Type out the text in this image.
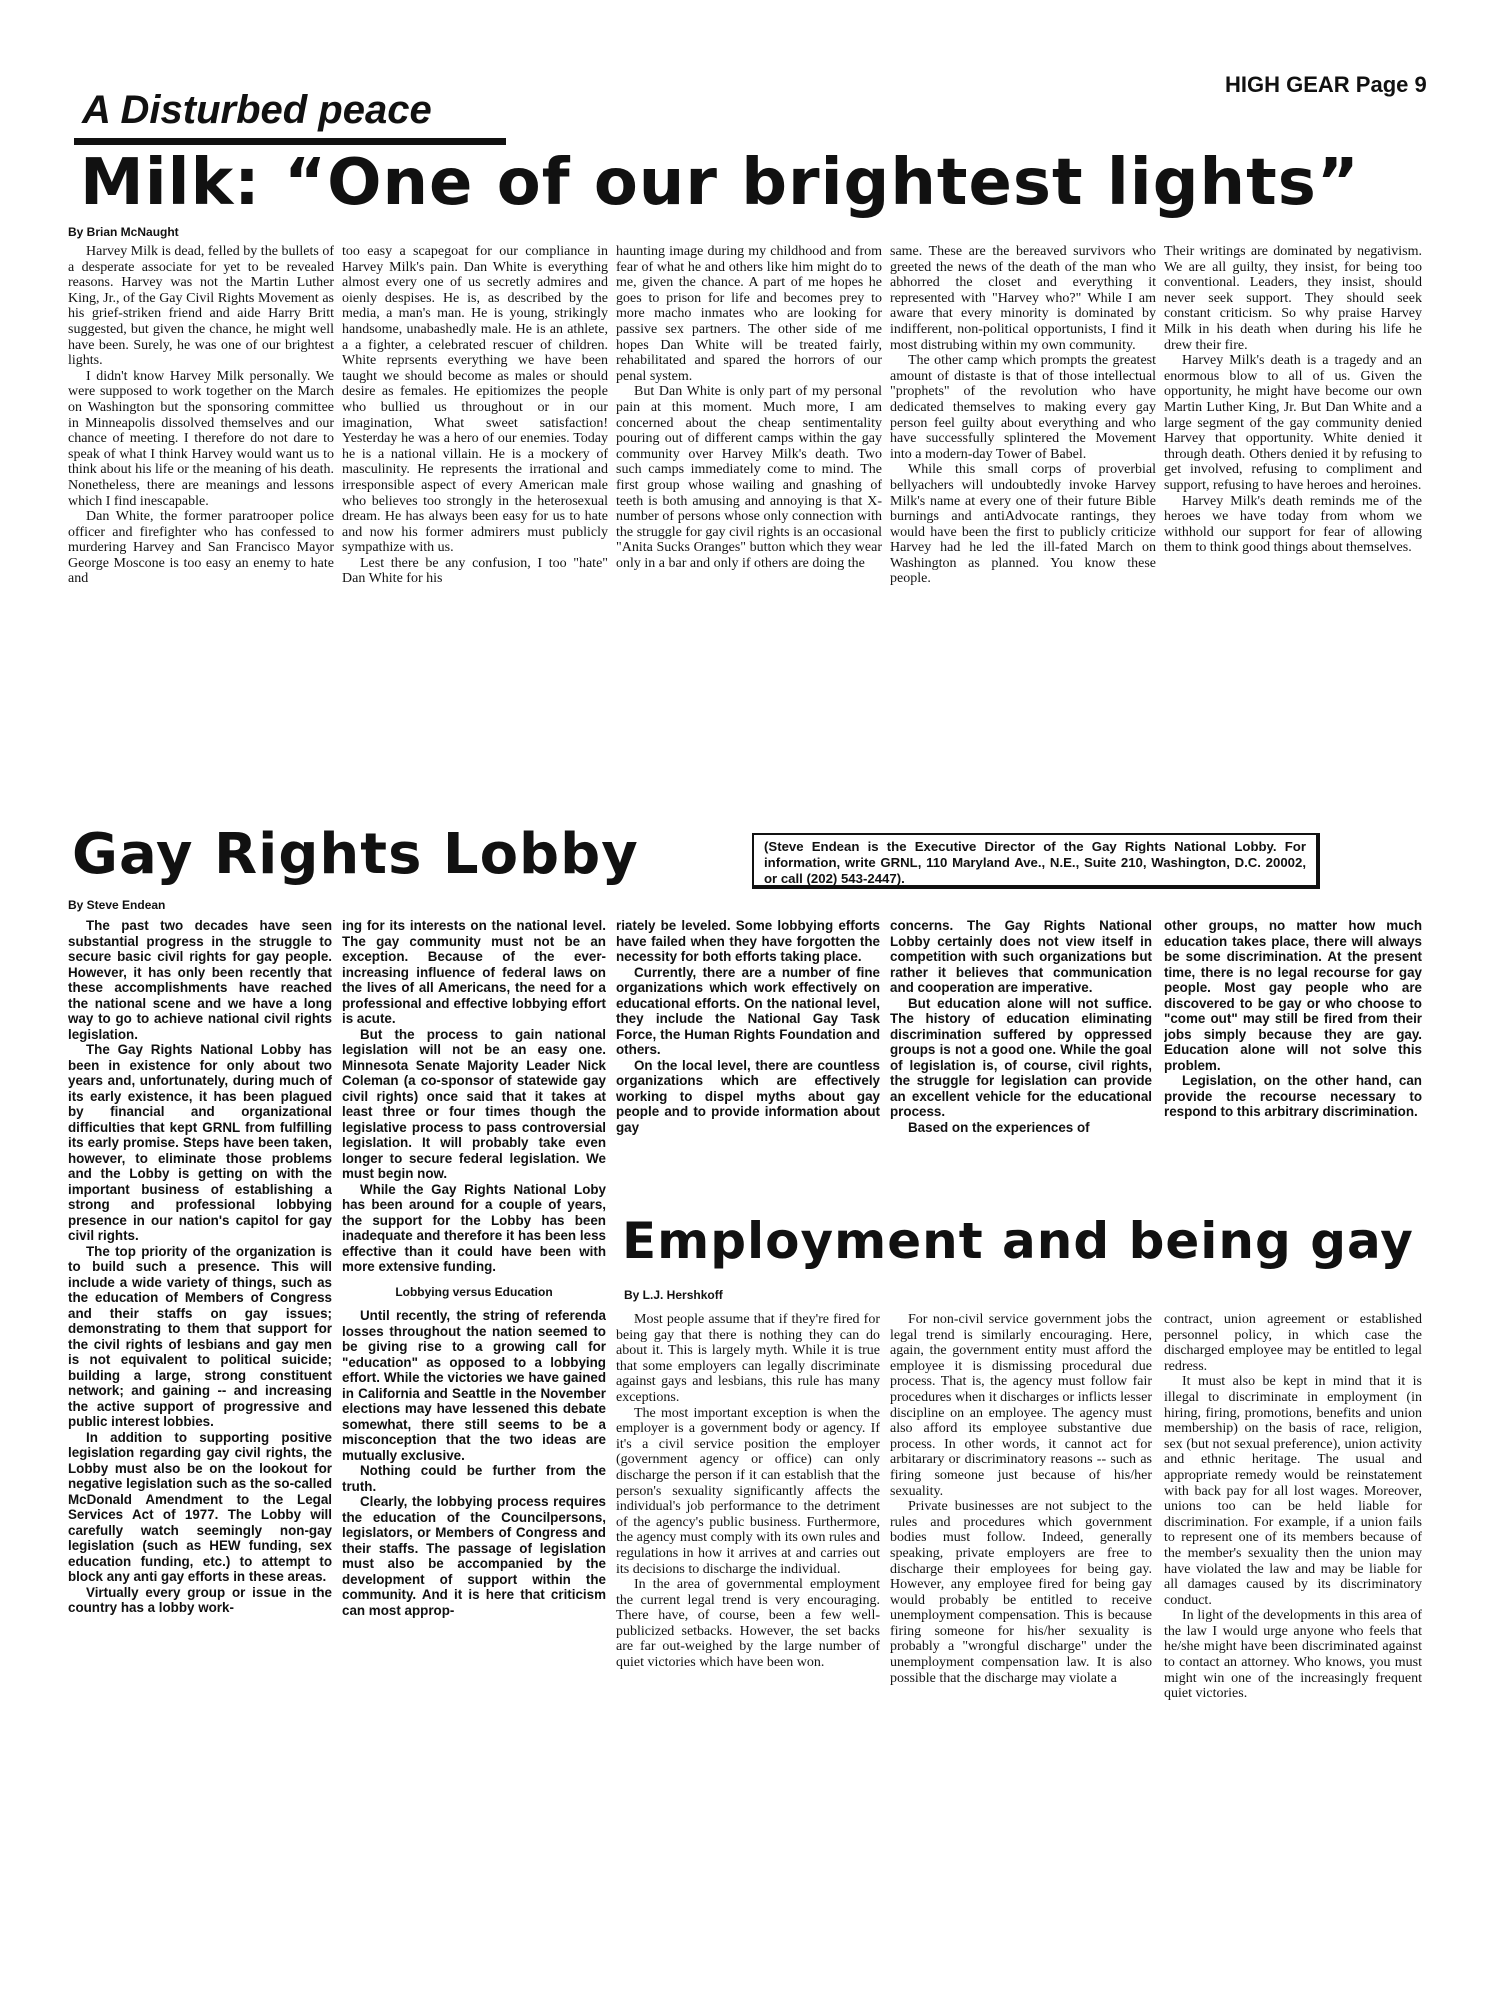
HIGH GEAR Page 9
A Disturbed peace
Milk: “One of our brightest lights”
By Brian McNaught

Harvey Milk is dead, felled by the bullets of a desperate associate for yet to be revealed reasons. Harvey was not the Martin Luther King, Jr., of the Gay Civil Rights Movement as his grief-striken friend and aide Harry Britt suggested, but given the chance, he might well have been. Surely, he was one of our brightest lights.

I didn't know Harvey Milk personally. We were supposed to work together on the March on Washington but the sponsoring committee in Minneapolis dissolved themselves and our chance of meeting. I therefore do not dare to speak of what I think Harvey would want us to think about his life or the meaning of his death. Nonetheless, there are meanings and lessons which I find inescapable.

Dan White, the former paratrooper police officer and firefighter who has confessed to murdering Harvey and San Francisco Mayor George Moscone is too easy an enemy to hate and

too easy a scapegoat for our compliance in Harvey Milk's pain. Dan White is everything almost every one of us secretly admires and oienly despises. He is, as described by the media, a man's man. He is young, strikingly handsome, unabashedly male. He is an athlete, a a fighter, a celebrated rescuer of children. White reprsents everything we have been taught we should become as males or should desire as females. He epitiomizes the people who bullied us throughout or in our imagination, What sweet satisfaction! Yesterday he was a hero of our enemies. Today he is a national villain. He is a mockery of masculinity. He represents the irrational and irresponsible aspect of every American male who believes too strongly in the heterosexual dream. He has always been easy for us to hate and now his former admirers must publicly sympathize with us.

Lest there be any confusion, I too "hate" Dan White for his

haunting image during my childhood and from fear of what he and others like him might do to me, given the chance. A part of me hopes he goes to prison for life and becomes prey to more macho inmates who are looking for passive sex partners. The other side of me hopes Dan White will be treated fairly, rehabilitated and spared the horrors of our penal system.

But Dan White is only part of my personal pain at this moment. Much more, I am concerned about the cheap sentimentality pouring out of different camps within the gay community over Harvey Milk's death. Two such camps immediately come to mind. The first group whose wailing and gnashing of teeth is both amusing and annoying is that X-number of persons whose only connection with the struggle for gay civil rights is an occasional "Anita Sucks Oranges" button which they wear only in a bar and only if others are doing the

same. These are the bereaved survivors who greeted the news of the death of the man who abhorred the closet and everything it represented with "Harvey who?" While I am aware that every minority is dominated by indifferent, non-political opportunists, I find it most distrubing within my own community.

The other camp which prompts the greatest amount of distaste is that of those intellectual "prophets" of the revolution who have dedicated themselves to making every gay person feel guilty about everything and who have successfully splintered the Movement into a modern-day Tower of Babel.

While this small corps of proverbial bellyachers will undoubtedly invoke Harvey Milk's name at every one of their future Bible burnings and antiAdvocate rantings, they would have been the first to publicly criticize Harvey had he led the ill-fated March on Washington as planned. You know these people.

Their writings are dominated by negativism. We are all guilty, they insist, for being too conventional. Leaders, they insist, should never seek support. They should seek constant criticism. So why praise Harvey Milk in his death when during his life he drew their fire.

Harvey Milk's death is a tragedy and an enormous blow to all of us. Given the opportunity, he might have become our own Martin Luther King, Jr. But Dan White and a large segment of the gay community denied Harvey that opportunity. White denied it through death. Others denied it by refusing to get involved, refusing to compliment and support, refusing to have heroes and heroines.

Harvey Milk's death reminds me of the heroes we have today from whom we withhold our support for fear of allowing them to think good things about themselves.

Gay Rights Lobby
By Steve Endean
(Steve Endean is the Executive Director of the Gay Rights National Lobby. For information, write GRNL, 110 Maryland Ave., N.E., Suite 210, Washington, D.C. 20002, or call (202) 543-2447).

The past two decades have seen substantial progress in the struggle to secure basic civil rights for gay people. However, it has only been recently that these accomplishments have reached the national scene and we have a long way to go to achieve national civil rights legislation.

The Gay Rights National Lobby has been in existence for only about two years and, unfortunately, during much of its early existence, it has been plagued by financial and organizational difficulties that kept GRNL from fulfilling its early promise. Steps have been taken, however, to eliminate those problems and the Lobby is getting on with the important business of establishing a strong and professional lobbying presence in our nation's capitol for gay civil rights.

The top priority of the organization is to build such a presence. This will include a wide variety of things, such as the education of Members of Congress and their staffs on gay issues; demonstrating to them that support for the civil rights of lesbians and gay men is not equivalent to political suicide; building a large, strong constituent network; and gaining -- and increasing the active support of progressive and public interest lobbies.

In addition to supporting positive legislation regarding gay civil rights, the Lobby must also be on the lookout for negative legislation such as the so-called McDonald Amendment to the Legal Services Act of 1977. The Lobby will carefully watch seemingly non-gay legislation (such as HEW funding, sex education funding, etc.) to attempt to block any anti gay efforts in these areas.

Virtually every group or issue in the country has a lobby work-

ing for its interests on the national level. The gay community must not be an exception. Because of the ever-increasing influence of federal laws on the lives of all Americans, the need for a professional and effective lobbying effort is acute.

But the process to gain national legislation will not be an easy one. Minnesota Senate Majority Leader Nick Coleman (a co-sponsor of statewide gay civil rights) once said that it takes at least three or four times though the legislative process to pass controversial legislation. It will probably take even longer to secure federal legislation. We must begin now.

While the Gay Rights National Loby has been around for a couple of years, the support for the Lobby has been inadequate and therefore it has been less effective than it could have been with more extensive funding.

Lobbying versus Education

Until recently, the string of referenda losses throughout the nation seemed to be giving rise to a growing call for "education" as opposed to a lobbying effort. While the victories we have gained in California and Seattle in the November elections may have lessened this debate somewhat, there still seems to be a misconception that the two ideas are mutually exclusive.

Nothing could be further from the truth.

Clearly, the lobbying process requires the education of the Councilpersons, legislators, or Members of Congress and their staffs. The passage of legislation must also be accompanied by the development of support within the community. And it is here that criticism can most approp-

riately be leveled. Some lobbying efforts have failed when they have forgotten the necessity for both efforts taking place.

Currently, there are a number of fine organizations which work effectively on educational efforts. On the national level, they include the National Gay Task Force, the Human Rights Foundation and others.

On the local level, there are countless organizations which are effectively working to dispel myths about gay people and to provide information about gay

concerns. The Gay Rights National Lobby certainly does not view itself in competition with such organizations but rather it believes that communication and cooperation are imperative.

But education alone will not suffice. The history of education eliminating discrimination suffered by oppressed groups is not a good one. While the goal of legislation is, of course, civil rights, the struggle for legislation can provide an excellent vehicle for the educational process.

Based on the experiences of

other groups, no matter how much education takes place, there will always be some discrimination. At the present time, there is no legal recourse for gay people. Most gay people who are discovered to be gay or who choose to "come out" may still be fired from their jobs simply because they are gay. Education alone will not solve this problem.

Legislation, on the other hand, can provide the recourse necessary to respond to this arbitrary discrimination.

Employment and being gay
By L.J. Hershkoff

Most people assume that if they're fired for being gay that there is nothing they can do about it. This is largely myth. While it is true that some employers can legally discriminate against gays and lesbians, this rule has many exceptions.

The most important exception is when the employer is a government body or agency. If it's a civil service position the employer (government agency or office) can only discharge the person if it can establish that the person's sexuality significantly affects the individual's job performance to the detriment of the agency's public business. Furthermore, the agency must comply with its own rules and regulations in how it arrives at and carries out its decisions to discharge the individual.

In the area of governmental employment the current legal trend is very encouraging. There have, of course, been a few well-publicized setbacks. However, the set backs are far out-weighed by the large number of quiet victories which have been won.

For non-civil service government jobs the legal trend is similarly encouraging. Here, again, the government entity must afford the employee it is dismissing procedural due process. That is, the agency must follow fair procedures when it discharges or inflicts lesser discipline on an employee. The agency must also afford its employee substantive due process. In other words, it cannot act for arbitarary or discriminatory reasons -- such as firing someone just because of his/her sexuality.

Private businesses are not subject to the rules and procedures which government bodies must follow. Indeed, generally speaking, private employers are free to discharge their employees for being gay. However, any employee fired for being gay would probably be entitled to receive unemployment compensation. This is because firing someone for his/her sexuality is probably a "wrongful discharge" under the unemployment compensation law. It is also possible that the discharge may violate a

contract, union agreement or established personnel policy, in which case the discharged employee may be entitled to legal redress.

It must also be kept in mind that it is illegal to discriminate in employment (in hiring, firing, promotions, benefits and union membership) on the basis of race, religion, sex (but not sexual preference), union activity and ethnic heritage. The usual and appropriate remedy would be reinstatement with back pay for all lost wages. Moreover, unions too can be held liable for discrimination. For example, if a union fails to represent one of its members because of the member's sexuality then the union may have violated the law and may be liable for all damages caused by its discriminatory conduct.

In light of the developments in this area of the law I would urge anyone who feels that he/she might have been discriminated against to contact an attorney. Who knows, you must might win one of the increasingly frequent quiet victories.
